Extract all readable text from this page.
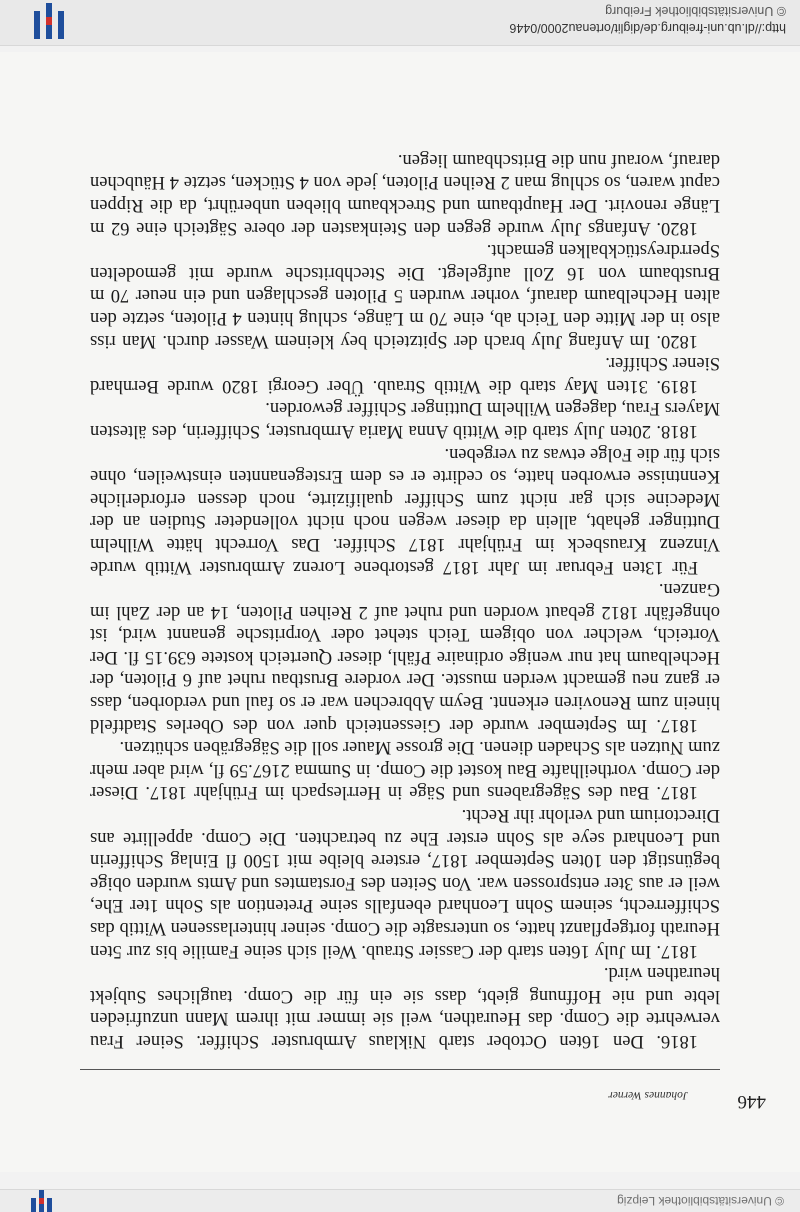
© Universitätsbibliothek Leipzig
446
Johannes Werner

1816. Den 16ten October starb Niklaus Armbruster Schiffer. Seiner Frau verwehrte die Comp. das Heurathen, weil sie immer mit ihrem Mann unzufrieden lebte und nie Hoffnung giebt, dass sie ein für die Comp. taugliches Subjekt heurathen wird.

1817. Im July 16ten starb der Cassier Straub. Weil sich seine Familie bis zur 5ten Heurath fortgepflanzt hatte, so untersagte die Comp. seiner hinterlassenen Wittib das Schifferrecht, seinem Sohn Leonhard ebenfalls seine Pretention als Sohn 1ter Ehe, weil er aus 3ter entsprossen war. Von Seiten des Forstamtes und Amts wurden obige begünstigt den 10ten September 1817, erstere bleibe mit 1500 fl Einlag Schifferin und Leonhard seye als Sohn erster Ehe zu betrachten. Die Comp. appellirte ans Directorium und verlohr ihr Recht.

1817. Bau des Sägegrabens und Säge in Herrlespach im Frühjahr 1817. Dieser der Comp. vortheilhafte Bau kostet die Comp. in Summa 2167.59 fl, wird aber mehr zum Nutzen als Schaden dienen. Die grosse Mauer soll die Sägegräben schützen.

1817. Im September wurde der Giessenteich quer von des Oberles Stadtfeld hinein zum Renoviren erkennt. Beym Abbrechen war er so faul und verdorben, dass er ganz neu gemacht werden musste. Der vordere Brustbau ruhet auf 6 Piloten, der Hechelbaum hat nur wenige ordinaire Pfähl, dieser Querteich kostete 639.15 fl. Der Vorteich, welcher von obigem Teich stehet oder Vorpritsche genannt wird, ist ohngefähr 1812 gebaut worden und ruhet auf 2 Reihen Piloten, 14 an der Zahl im Ganzen.

Für 13ten Februar im Jahr 1817 gestorbene Lorenz Armbruster Wittib wurde Vinzenz Krausbeck im Frühjahr 1817 Schiffer. Das Vorrecht hätte Wilhelm Duttinger gehabt, allein da dieser wegen noch nicht vollendeter Studien an der Medecine sich gar nicht zum Schiffer qualifizirte, noch dessen erforderliche Kenntnisse erworben hatte, so cedirte er es dem Erstegenannten einstweilen, ohne sich für die Folge etwas zu vergeben.

1818. 20ten July starb die Wittib Anna Maria Armbruster, Schifferin, des ältesten Mayers Frau, dagegen Wilhelm Duttinger Schiffer geworden.

1819. 31ten May starb die Wittib Straub. Über Georgi 1820 wurde Bernhard Siener Schiffer.

1820. Im Anfang July brach der Spitzteich bey kleinem Wasser durch. Man riss also in der Mitte den Teich ab, eine 70 m Länge, schlug hinten 4 Piloten, setzte den alten Hechelbaum darauf, vorher wurden 5 Piloten geschlagen und ein neuer 70 m Brustbaum von 16 Zoll aufgelegt. Die Stechbritsche wurde mit gemodelten Sperrdreystückbalken gemacht.

1820. Anfangs July wurde gegen den Steinkasten der obere Sägteich eine 62 m Länge renovirt. Der Hauptbaum und Streckbaum blieben unberührt, da die Rippen caput waren, so schlug man 2 Reihen Piloten, jede von 4 Stücken, setzte 4 Häubchen darauf, worauf nun die Britschbaum liegen.

http://dl.ub.uni-freiburg.de/diglit/ortenau2000/0446
© Universitätsbibliothek Freiburg
